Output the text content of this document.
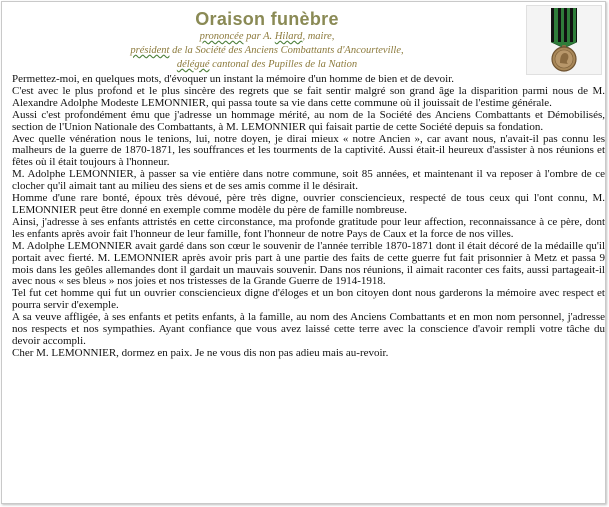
Oraison funèbre
prononcée par A. Hilard, maire,
président de la Société des Anciens Combattants d'Ancourteville,
délégué cantonal des Pupilles de la Nation

Permettez-moi, en quelques mots, d'évoquer un instant la mémoire d'un homme de bien et de devoir.

C'est avec le plus profond et le plus sincère des regrets que se fait sentir malgré son grand âge la disparition parmi nous de M. Alexandre Adolphe Modeste LEMONNIER, qui passa toute sa vie dans cette commune où il jouissait de l'estime générale.

Aussi c'est profondément ému que j'adresse un hommage mérité, au nom de la Société des Anciens Combattants et Démobilisés, section de l'Union Nationale des Combattants, à M. LEMONNIER qui faisait partie de cette Société depuis sa fondation.

Avec quelle vénération nous le tenions, lui, notre doyen, je dirai mieux « notre Ancien », car avant nous, n'avait-il pas connu les malheurs de la guerre de 1870-1871, les souffrances et les tourments de la captivité. Aussi était-il heureux d'assister à nos réunions et fêtes où il était toujours à l'honneur.

M. Adolphe LEMONNIER, à passer sa vie entière dans notre commune, soit 85 années, et maintenant il va reposer à l'ombre de ce clocher qu'il aimait tant au milieu des siens et de ses amis comme il le désirait.

Homme d'une rare bonté, époux très dévoué, père très digne, ouvrier consciencieux, respecté de tous ceux qui l'ont connu, M. LEMONNIER peut être donné en exemple comme modèle du père de famille nombreuse.

Ainsi, j'adresse à ses enfants attristés en cette circonstance, ma profonde gratitude pour leur affection, reconnaissance à ce père, dont les enfants après avoir fait l'honneur de leur famille, font l'honneur de notre Pays de Caux et la force de nos villes.

M. Adolphe LEMONNIER avait gardé dans son cœur le souvenir de l'année terrible 1870-1871 dont il était décoré de la médaille qu'il portait avec fierté. M. LEMONNIER après avoir pris part à une partie des faits de cette guerre fut fait prisonnier à Metz et passa 9 mois dans les geôles allemandes dont il gardait un mauvais souvenir. Dans nos réunions, il aimait raconter ces faits, aussi partageait-il avec nous « ses bleus » nos joies et nos tristesses de la Grande Guerre de 1914-1918.

Tel fut cet homme qui fut un ouvrier consciencieux digne d'éloges et un bon citoyen dont nous garderons la mémoire avec respect et pourra servir d'exemple.

A sa veuve affligée, à ses enfants et petits enfants, à la famille, au nom des Anciens Combattants et en mon nom personnel, j'adresse nos respects et nos sympathies. Ayant confiance que vous avez laissé cette terre avec la conscience d'avoir rempli votre tâche du devoir accompli.

Cher M. LEMONNIER, dormez en paix. Je ne vous dis non pas adieu mais au-revoir.
